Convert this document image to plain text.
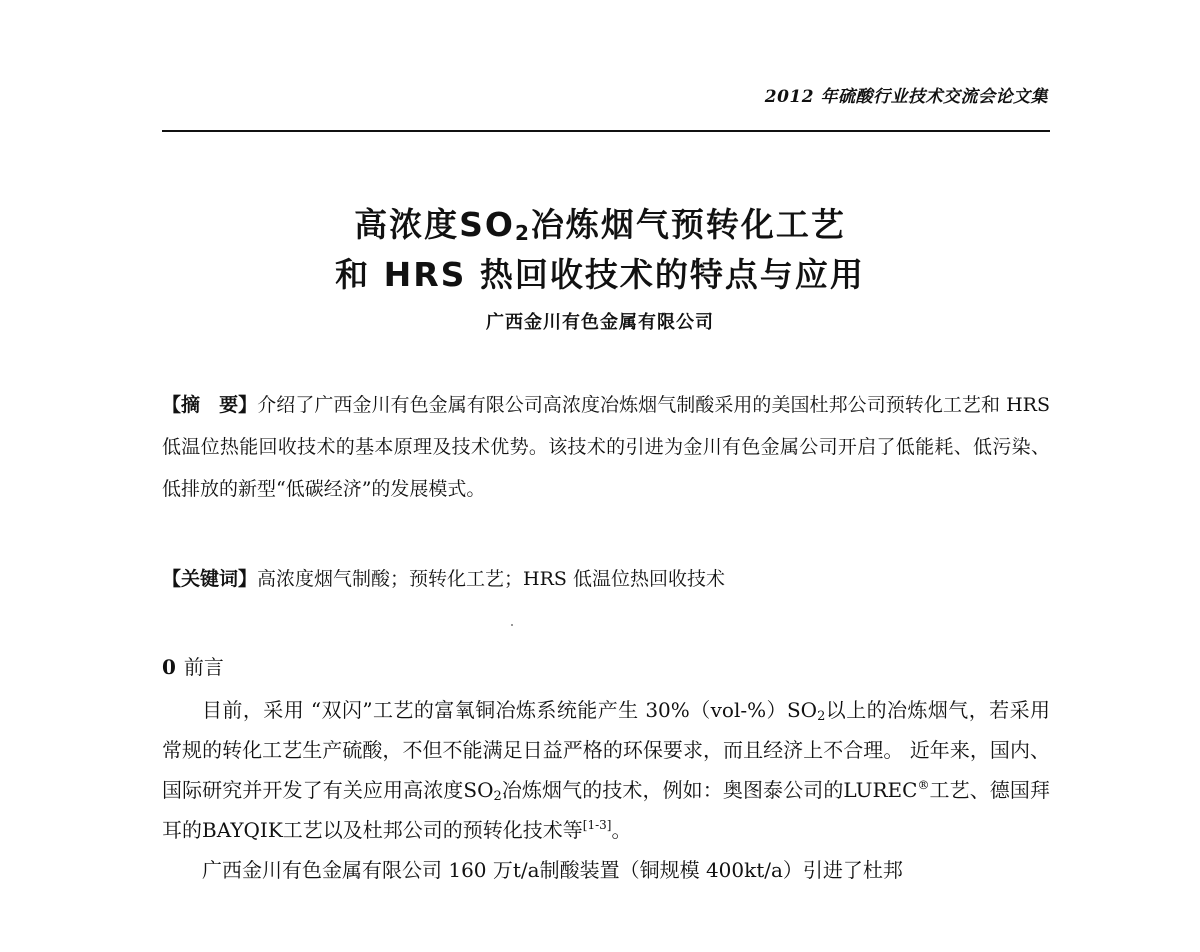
2012 年硫酸行业技术交流会论文集
高浓度$SO_2$冶炼烟气预转化工艺
和 HRS 热回收技术的特点与应用
广西金川有色金属有限公司
【摘　要】介绍了广西金川有色金属有限公司高浓度冶炼烟气制酸采用的美国杜邦公司预转化工艺和 HRS 低温位热能回收技术的基本原理及技术优势。该技术的引进为金川有色金属公司开启了低能耗、低污染、低排放的新型“低碳经济”的发展模式。
【关键词】高浓度烟气制酸；预转化工艺；HRS 低温位热回收技术
0 前言

目前，采用 “双闪”工艺的富氧铜冶炼系统能产生 $30\%(vol-\%)SO_2$以上的冶炼烟气，若采用常规的转化工艺生产硫酸，不但不能满足日益严格的环保要求，而且经济上不合理。 近年来，国内、国际研究并开发了有关应用高浓度$SO_2$冶炼烟气的技术，例如：奥图泰公司的LUREC®工艺、德国拜耳的BAYQIK工艺以及杜邦公司的预转化技术等[1-3]。

广西金川有色金属有限公司 160 万t/a制酸装置（铜规模 400kt/a）引进了杜邦
